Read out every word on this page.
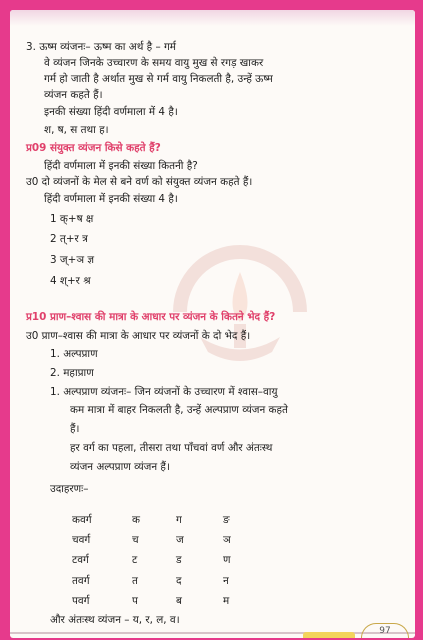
3. ऊष्म व्यंजनः– ऊष्म का अर्थ है – गर्म
वे व्यंजन जिनके उच्चारण के समय वायु मुख से रगड़ खाकर
गर्म हो जाती है अर्थात मुख से गर्म वायु निकलती है, उन्हें ऊष्म
व्यंजन कहते हैं।
इनकी संख्या हिंदी वर्णमाला में 4 है।
श, ष, स तथा ह।
प्र09 संयुक्त व्यंजन किसे कहते हैं?
हिंदी वर्णमाला में इनकी संख्या कितनी है?
उ0 दो व्यंजनों के मेल से बने वर्ण को संयुक्त व्यंजन कहते हैं।
हिंदी वर्णमाला में इनकी संख्या 4 है।
1 क्+ष क्ष
2 त्+र त्र
3 ज्+ञ ज्ञ
4 श्+र श्र
प्र10 प्राण–श्वास की मात्रा के आधार पर व्यंजन के कितने भेद हैं?
उ0 प्राण–श्वास की मात्रा के आधार पर व्यंजनों के दो भेद हैं।
1. अल्पप्राण
2. महाप्राण
1. अल्पप्राण व्यंजनः– जिन व्यंजनों के उच्चारण में श्वास–वायु
कम मात्रा में बाहर निकलती है, उन्हें अल्पप्राण व्यंजन कहते
हैं।
हर वर्ग का पहला, तीसरा तथा पाँचवां वर्ण और अंतःस्थ
व्यंजन अल्पप्राण व्यंजन हैं।
उदाहरणः–
कवर्ग	क	ग	ङ
चवर्ग	च	ज	ञ
टवर्ग	ट	ड	ण
तवर्ग	त	द	न
पवर्ग	प	ब	म
और अंतःस्थ व्यंजन – य, र, ल, व।
97
